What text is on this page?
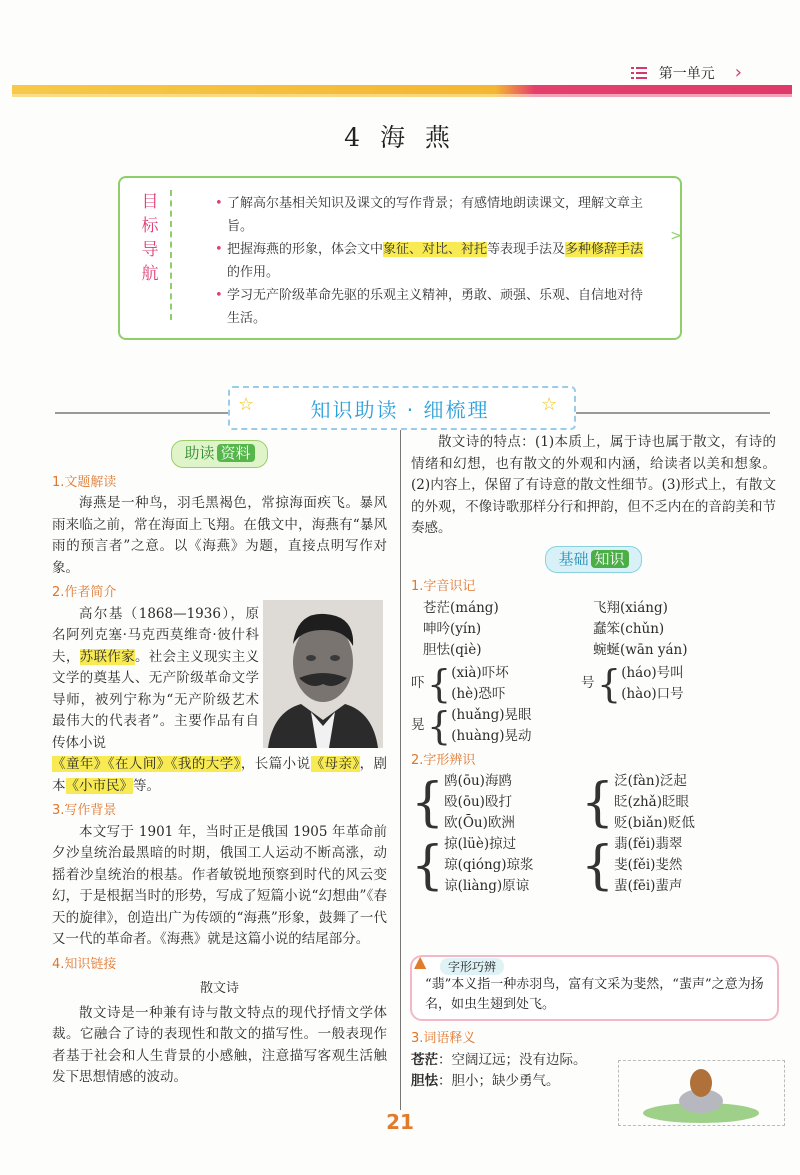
第一单元 ›
4 海 燕
目
标
导
航
• 了解高尔基相关知识及课文的写作背景；有感情地朗读课文，理解文章主旨。
• 把握海燕的形象，体会文中象征、对比、衬托等表现手法及多种修辞手法的作用。
• 学习无产阶级革命先驱的乐观主义精神，勇敢、顽强、乐观、自信地对待生活。
>
☆	☆
知识助读 · 细梳理
助读 资料
1.文题解读

海燕是一种鸟，羽毛黑褐色，常掠海面疾飞。暴风雨来临之前，常在海面上飞翔。在俄文中，海燕有“暴风雨的预言者”之意。以《海燕》为题，直接点明写作对象。

2.作者简介

高尔基（1868—1936），原名阿列克塞·马克西莫维奇·彼什科夫，苏联作家。社会主义现实主义文学的奠基人、无产阶级革命文学导师，被列宁称为“无产阶级艺术最伟大的代表者”。主要作品有自传体小说

《童年》《在人间》《我的大学》，长篇小说《母亲》，剧本《小市民》等。

3.写作背景

本文写于 1901 年，当时正是俄国 1905 年革命前夕沙皇统治最黑暗的时期，俄国工人运动不断高涨，动摇着沙皇统治的根基。作者敏锐地预察到时代的风云变幻，于是根据当时的形势，写成了短篇小说“幻想曲”《春天的旋律》，创造出广为传颂的“海燕”形象，鼓舞了一代又一代的革命者。《海燕》就是这篇小说的结尾部分。

4.知识链接
散文诗

散文诗是一种兼有诗与散文特点的现代抒情文学体裁。它融合了诗的表现性和散文的描写性。一般表现作者基于社会和人生背景的小感触，注意描写客观生活触发下思想情感的波动。

散文诗的特点：(1)本质上，属于诗也属于散文，有诗的情绪和幻想，也有散文的外观和内涵，给读者以美和想象。(2)内容上，保留了有诗意的散文性细节。(3)形式上，有散文的外观，不像诗歌那样分行和押韵，但不乏内在的音韵美和节奏感。

基础 知识
1.字音识记
苍茫(máng)
呻吟(yín)
胆怯(qiè)
飞翔(xiáng)
蠢笨(chǔn)
蜿蜒(wān yán)
吓 { (xià)吓坏
(hè)恐吓
号 { (háo)号叫
(hào)口号
晃 { (huǎng)晃眼
(huàng)晃动
2.字形辨识
{ 鸥(ōu)海鸥
殴(ōu)殴打
欧(Ōu)欧洲 { 泛(fàn)泛起
眨(zhǎ)眨眼
贬(biǎn)贬低
{ 掠(lüè)掠过
琼(qióng)琼浆
谅(liàng)原谅 { 翡(fěi)翡翠
斐(fěi)斐然
蜚(fēi)蜚声
▲	字形巧辨
“翡”本义指一种赤羽鸟，富有文采为斐然，“蜚声”之意为扬名，如虫生翅到处飞。
3.词语释义
苍茫：空阔辽远；没有边际。
胆怯：胆小；缺少勇气。
21
